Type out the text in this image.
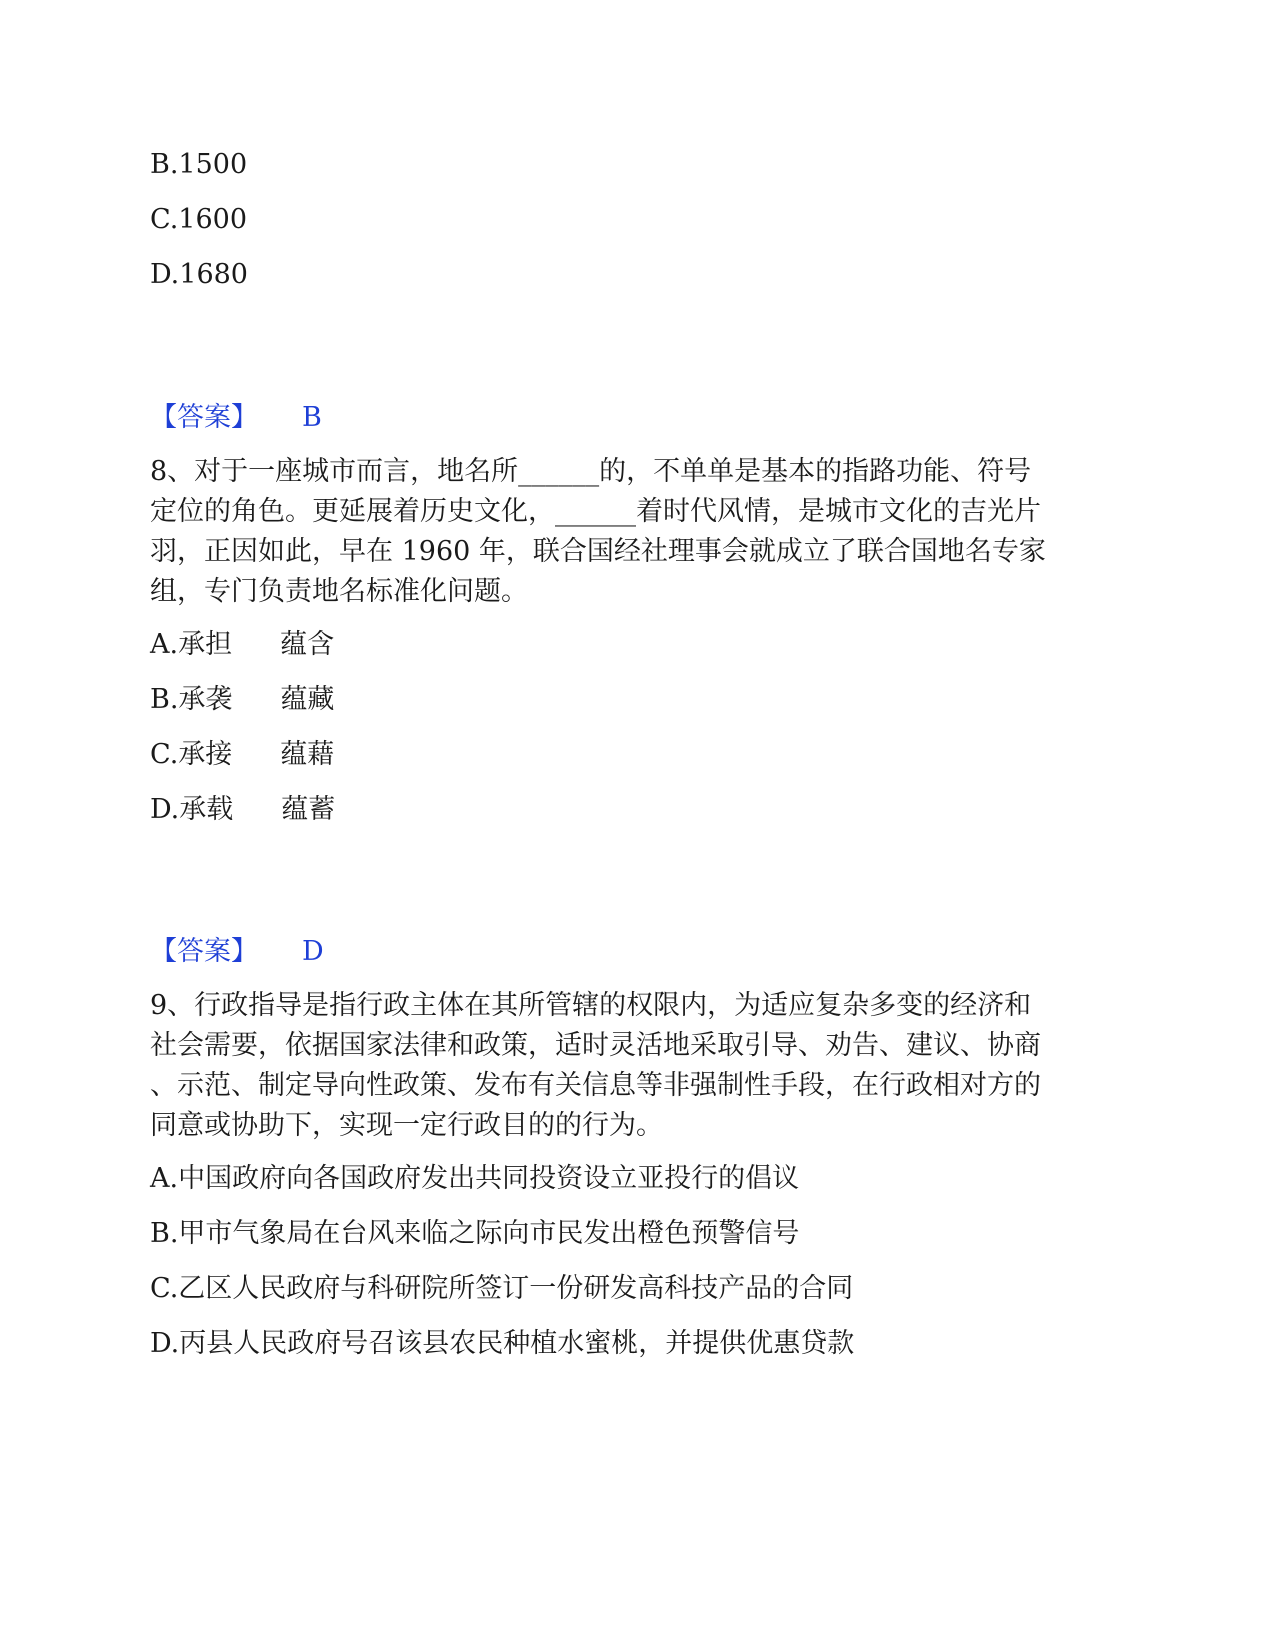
B.1500
C.1600
D.1680
【答案】 B
8、对于一座城市而言，地名所______的，不单单是基本的指路功能、符号
定位的角色。更延展着历史文化，______着时代风情，是城市文化的吉光片
羽，正因如此，早在 1960 年，联合国经社理事会就成立了联合国地名专家
组，专门负责地名标准化问题。
A.承担 蕴含
B.承袭 蕴藏
C.承接 蕴藉
D.承载 蕴蓄
【答案】 D
9、行政指导是指行政主体在其所管辖的权限内，为适应复杂多变的经济和
社会需要，依据国家法律和政策，适时灵活地采取引导、劝告、建议、协商
、示范、制定导向性政策、发布有关信息等非强制性手段，在行政相对方的
同意或协助下，实现一定行政目的的行为。
A.中国政府向各国政府发出共同投资设立亚投行的倡议
B.甲市气象局在台风来临之际向市民发出橙色预警信号
C.乙区人民政府与科研院所签订一份研发高科技产品的合同
D.丙县人民政府号召该县农民种植水蜜桃，并提供优惠贷款
